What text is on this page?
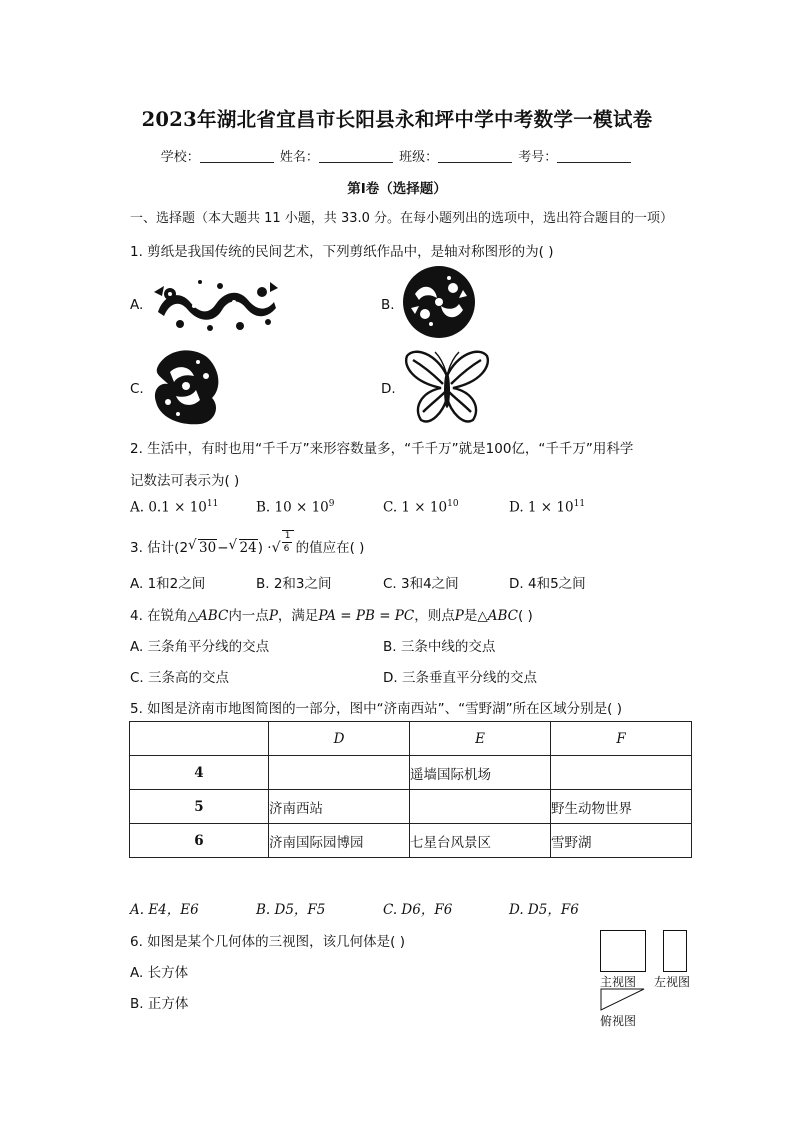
2023年湖北省宜昌市长阳县永和坪中学中考数学一模试卷
学校：	姓名：	班级：	考号：
第Ⅰ卷（选择题）
一、选择题（本大题共 11 小题，共 33.0 分。在每小题列出的选项中，选出符合题目的一项）
1. 剪纸是我国传统的民间艺术，下列剪纸作品中，是轴对称图形的为( )
A.	B.
C.	D.
2. 生活中，有时也用“千千万”来形容数量多，“千千万”就是100亿，“千千万”用科学
记数法可表示为( )
A. $0.1 \times 10^{11}$	B. $10 \times 10^9$	C. $1 \times 10^{10}$	D. $1 \times 10^{11}$
3. 估计(2 √ 30− √ 24) · √
1
6 的值应在( )
A. 1和2之间	B. 2和3之间	C. 3和4之间	D. 4和5之间
4. 在锐角△ABC内一点P，满足PA = PB = PC，则点P是△ABC( )
A. 三条角平分线的交点	B. 三条中线的交点
C. 三条高的交点	D. 三条垂直平分线的交点
5. 如图是济南市地图简图的一部分，图中“济南西站”、“雪野湖”所在区域分别是( )
	D	E	F
4		遥墙国际机场	
5	济南西站		野生动物世界
6	济南国际园博园	七星台风景区	雪野湖
A. E4，E6	B. D5，F5	C. D6，F6	D. D5，F6
6. 如图是某个几何体的三视图，该几何体是( )
A. 长方体
B. 正方体
主视图 左视图
俯视图
